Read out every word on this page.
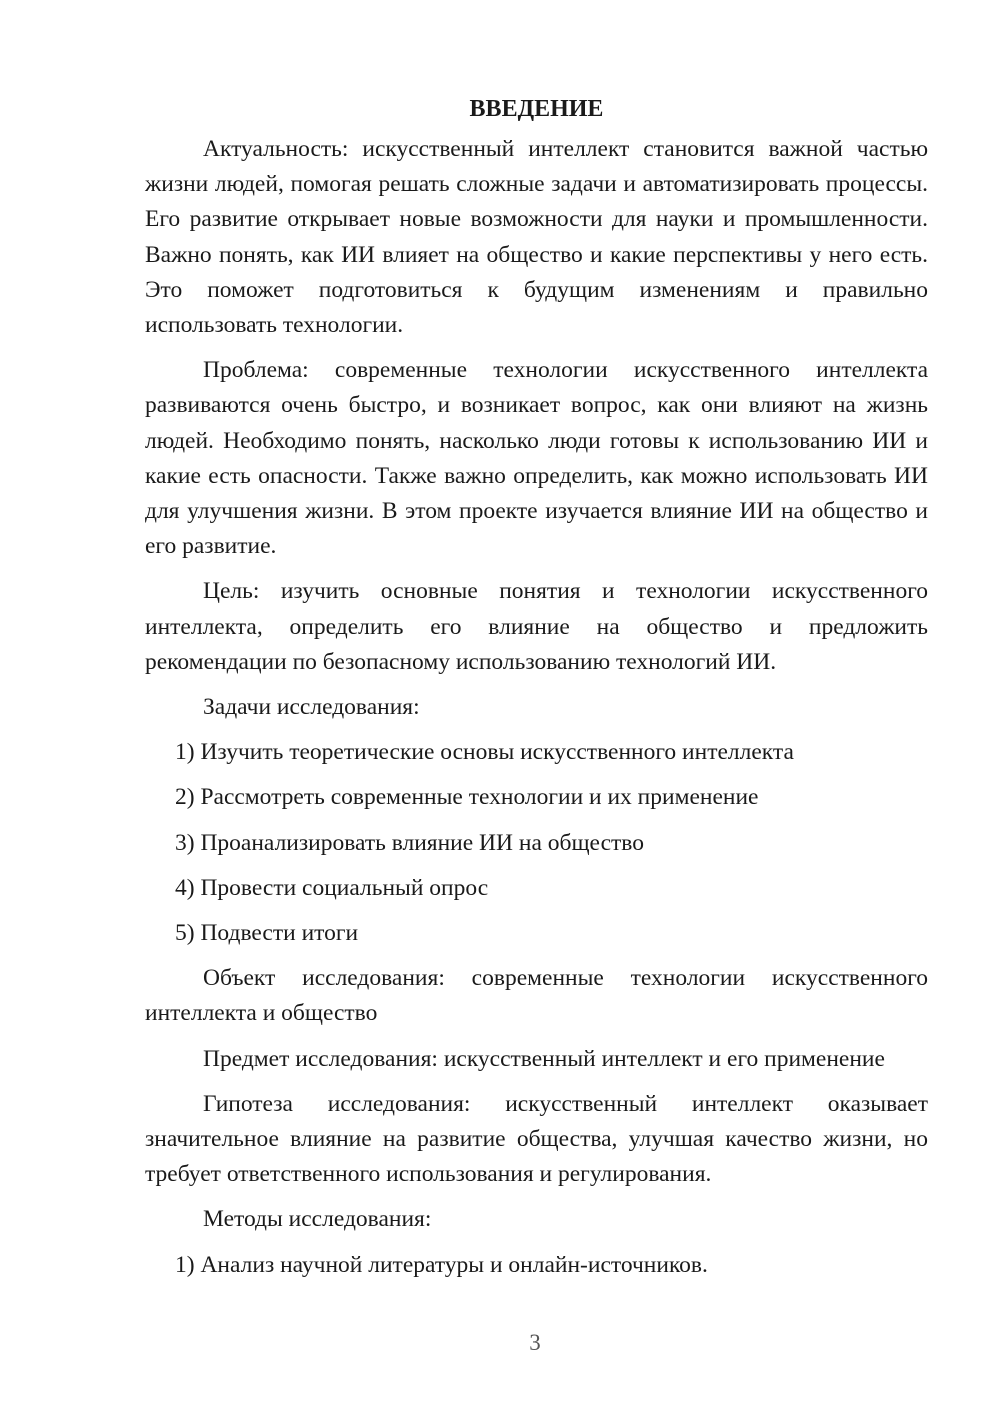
ВВЕДЕНИЕ

Актуальность: искусственный интеллект становится важной частью жизни людей, помогая решать сложные задачи и автоматизировать процессы. Его развитие открывает новые возможности для науки и промышленности. Важно понять, как ИИ влияет на общество и какие перспективы у него есть. Это поможет подготовиться к будущим изменениям и правильно использовать технологии.

Проблема: современные технологии искусственного интеллекта развиваются очень быстро, и возникает вопрос, как они влияют на жизнь людей. Необходимо понять, насколько люди готовы к использованию ИИ и какие есть опасности. Также важно определить, как можно использовать ИИ для улучшения жизни. В этом проекте изучается влияние ИИ на общество и его развитие.

Цель: изучить основные понятия и технологии искусственного интеллекта, определить его влияние на общество и предложить рекомендации по безопасному использованию технологий ИИ.

Задачи исследования:

1) Изучить теоретические основы искусственного интеллекта
2) Рассмотреть современные технологии и их применение
3) Проанализировать влияние ИИ на общество
4) Провести социальный опрос
5) Подвести итоги

Объект исследования: современные технологии искусственного интеллекта и общество

Предмет исследования: искусственный интеллект и его применение

Гипотеза исследования: искусственный интеллект оказывает значительное влияние на развитие общества, улучшая качество жизни, но требует ответственного использования и регулирования.

Методы исследования:

1) Анализ научной литературы и онлайн-источников.
3
